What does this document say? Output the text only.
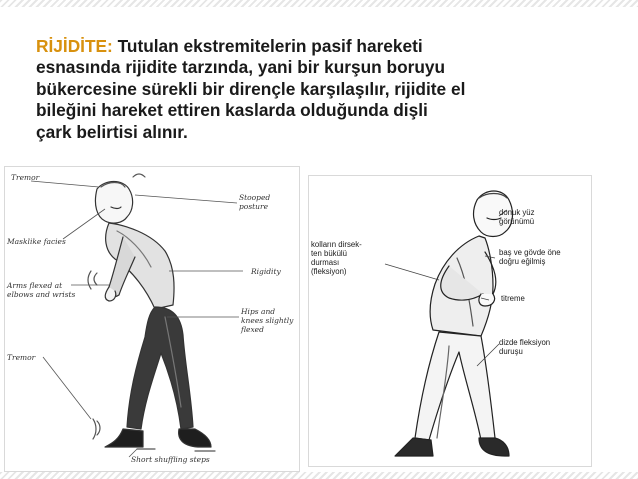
RİJİDİTE: Tutulan ekstremitelerin pasif hareketi
esnasında rijidite tarzında, yani bir kurşun boruyu
bükercesine sürekli bir dirençle karşılaşılır, rijidite el
bileğini hareket ettiren kaslarda olduğunda dişli
çark belirtisi alınır.

Tremor
Stooped
posture
Masklike facies
Rigidity
Arms flexed at
elbows and wrists
Hips and
knees slightly
flexed
Tremor
Short shuffling steps
kolların dirsek-
ten bükülü
durması
(fleksiyon)
donuk yüz
görünümü
baş ve gövde öne
doğru eğilmiş
titreme
dizde fleksiyon
duruşu
